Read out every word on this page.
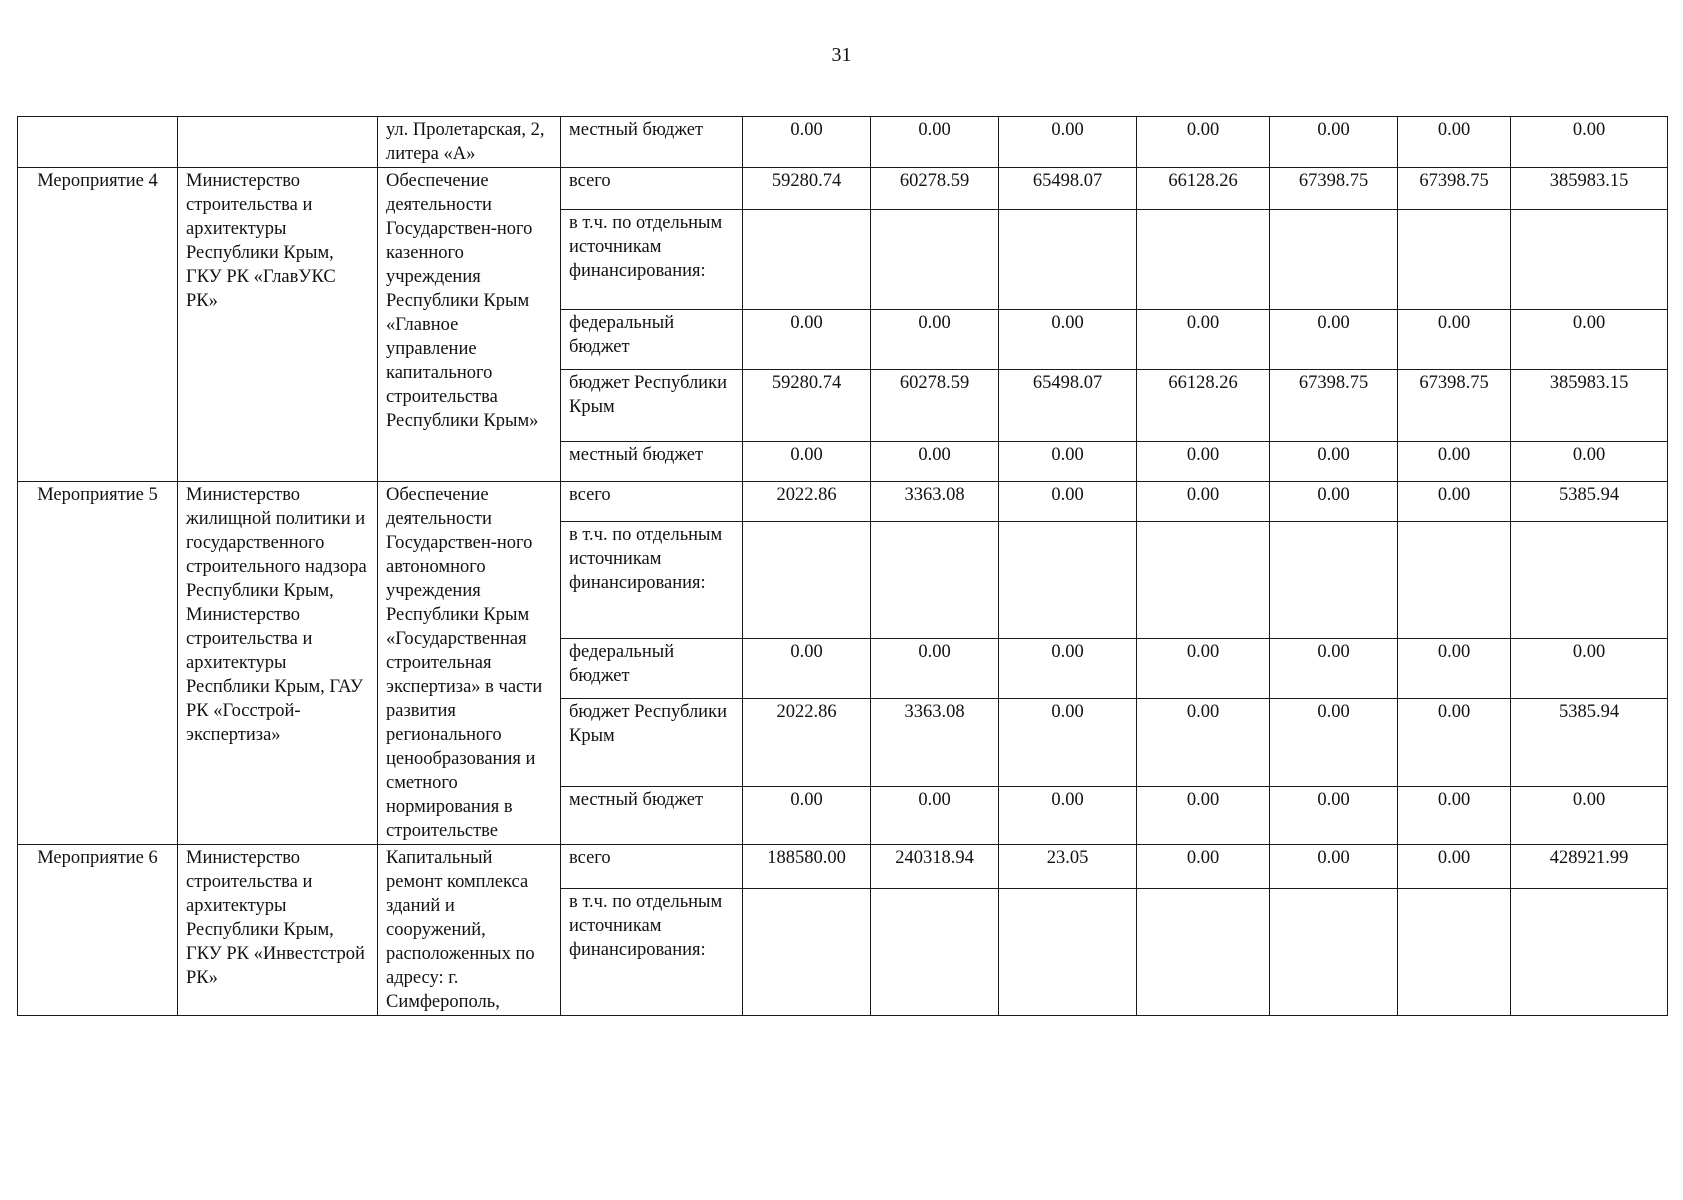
31
		ул. Пролетарская, 2, литера «А»	местный бюджет	0.00	0.00	0.00	0.00	0.00	0.00	0.00
Мероприятие 4	Министерство строительства и архитектуры Республики Крым, ГКУ РК «ГлавУКС РК»	Обеспечение деятельности Государствен-ного казенного учреждения Республики Крым «Главное управление капитального строительства Республики Крым»	всего	59280.74	60278.59	65498.07	66128.26	67398.75	67398.75	385983.15
			в т.ч. по отдельным источникам финансирования:							
			федеральный бюджет	0.00	0.00	0.00	0.00	0.00	0.00	0.00
			бюджет Республики Крым	59280.74	60278.59	65498.07	66128.26	67398.75	67398.75	385983.15
			местный бюджет	0.00	0.00	0.00	0.00	0.00	0.00	0.00
Мероприятие 5	Министерство жилищной политики и государственного строительного надзора Республики Крым, Министерство строительства и архитектуры Респблики Крым, ГАУ РК «Госстрой-экспертиза»	Обеспечение деятельности Государствен-ного автономного учреждения Республики Крым «Государственная строительная экспертиза» в части развития регионального ценообразования и сметного нормирования в строительстве	всего	2022.86	3363.08	0.00	0.00	0.00	0.00	5385.94
			в т.ч. по отдельным источникам финансирования:							
			федеральный бюджет	0.00	0.00	0.00	0.00	0.00	0.00	0.00
			бюджет Республики Крым	2022.86	3363.08	0.00	0.00	0.00	0.00	5385.94
			местный бюджет	0.00	0.00	0.00	0.00	0.00	0.00	0.00
Мероприятие 6	Министерство строительства и архитектуры Республики Крым, ГКУ РК «Инвестстрой РК»	Капитальный ремонт комплекса зданий и сооружений, расположенных по адресу: г. Симферополь,	всего	188580.00	240318.94	23.05	0.00	0.00	0.00	428921.99
			в т.ч. по отдельным источникам финансирования:							
